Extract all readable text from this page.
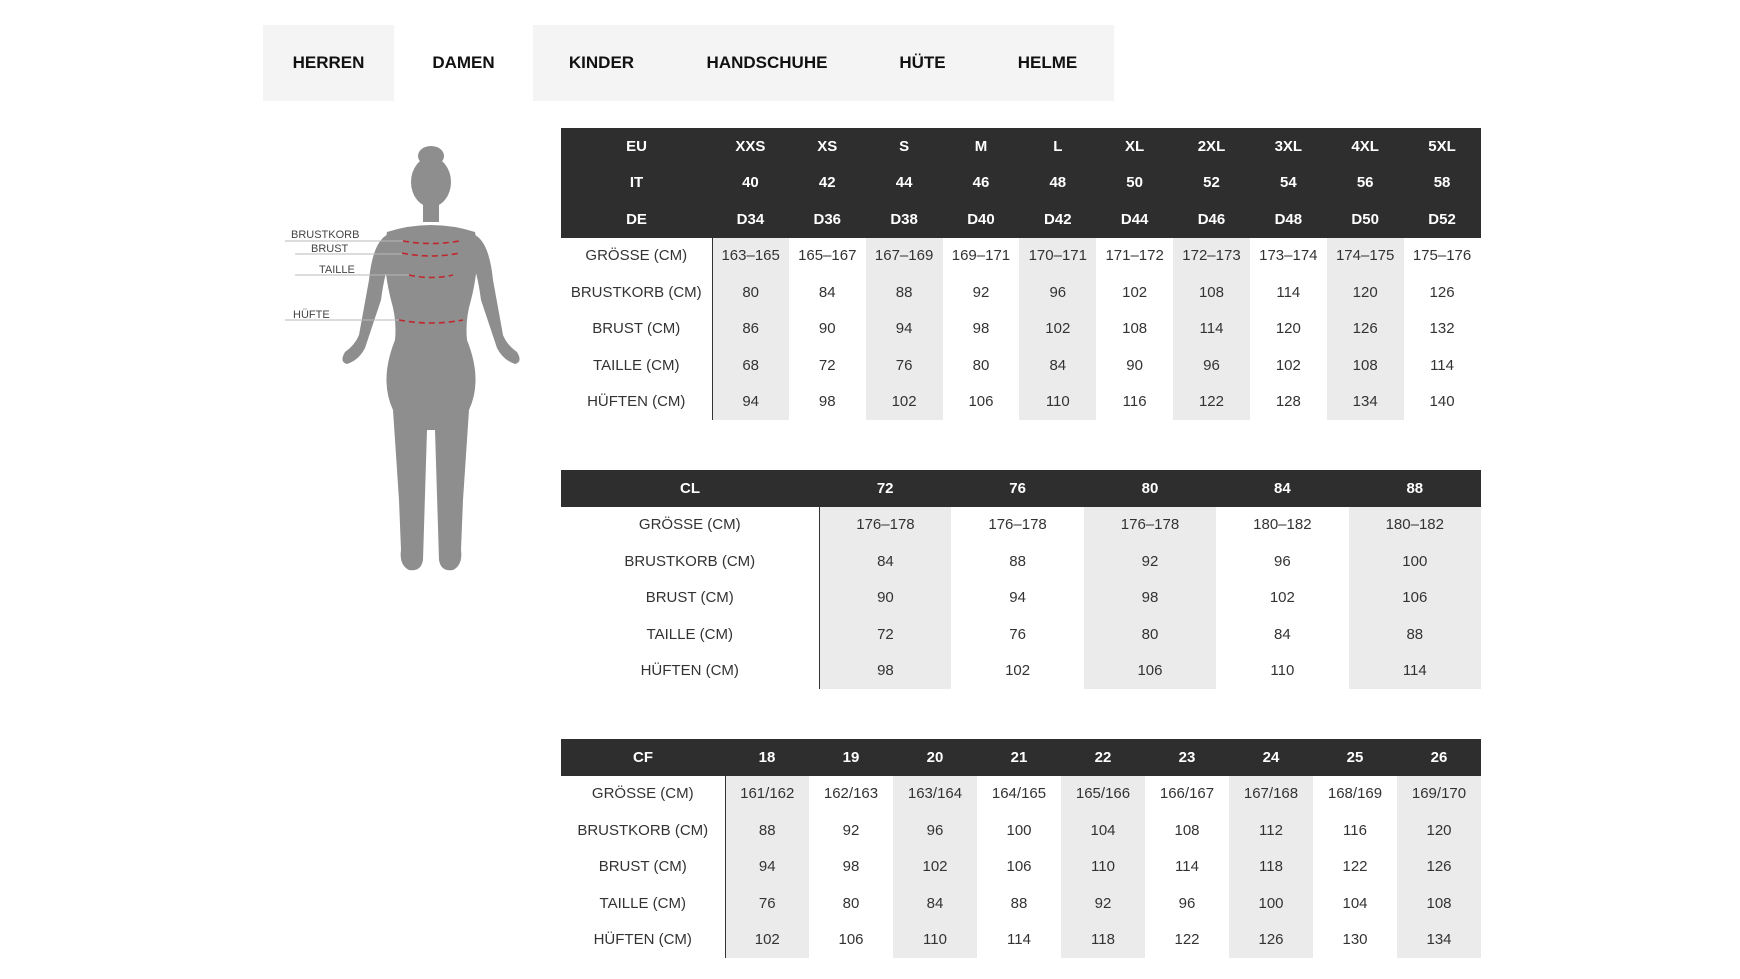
HERREN	DAMEN	KINDER	HANDSCHUHE	HÜTE	HELME
BRUSTKORB
BRUST
TAILLE
HÜFTE
EU	XXS	XS	S	M	L	XL	2XL	3XL	4XL	5XL
IT	40	42	44	46	48	50	52	54	56	58
DE	D34	D36	D38	D40	D42	D44	D46	D48	D50	D52
GRÖSSE (CM)	163–165	165–167	167–169	169–171	170–171	171–172	172–173	173–174	174–175	175–176
BRUSTKORB (CM)	80	84	88	92	96	102	108	114	120	126
BRUST (CM)	86	90	94	98	102	108	114	120	126	132
TAILLE (CM)	68	72	76	80	84	90	96	102	108	114
HÜFTEN (CM)	94	98	102	106	110	116	122	128	134	140
CL	72	76	80	84	88
GRÖSSE (CM)	176–178	176–178	176–178	180–182	180–182
BRUSTKORB (CM)	84	88	92	96	100
BRUST (CM)	90	94	98	102	106
TAILLE (CM)	72	76	80	84	88
HÜFTEN (CM)	98	102	106	110	114
CF	18	19	20	21	22	23	24	25	26
GRÖSSE (CM)	161/162	162/163	163/164	164/165	165/166	166/167	167/168	168/169	169/170
BRUSTKORB (CM)	88	92	96	100	104	108	112	116	120
BRUST (CM)	94	98	102	106	110	114	118	122	126
TAILLE (CM)	76	80	84	88	92	96	100	104	108
HÜFTEN (CM)	102	106	110	114	118	122	126	130	134
